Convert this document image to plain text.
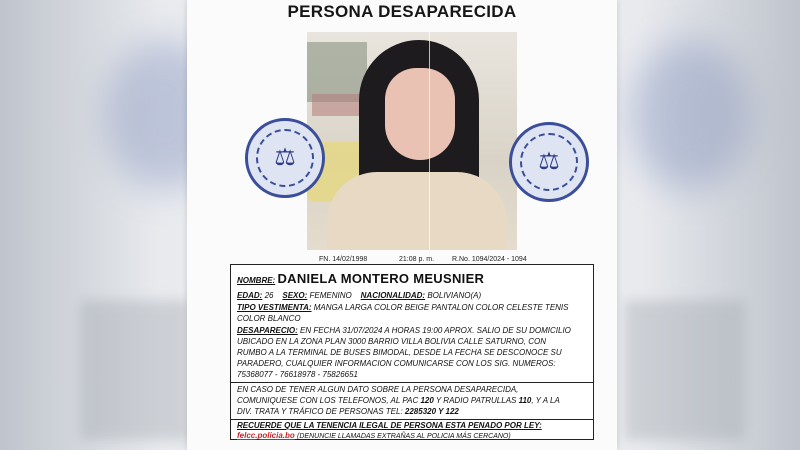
PERSONA DESAPARECIDA
⚖	⚖
FN. 14/02/1998	21:08 p. m.	R.No. 1094/2024 - 1094
NOMBRE: DANIELA MONTERO MEUSNIER
EDAD: 26 SEXO: FEMENINO NACIONALIDAD: BOLIVIANO(A)
TIPO VESTIMENTA: MANGA LARGA COLOR BEIGE PANTALON COLOR CELESTE TENIS
COLOR BLANCO
DESAPARECIO: EN FECHA 31/07/2024 A HORAS 19:00 APROX. SALIO DE SU DOMICILIO
UBICADO EN LA ZONA PLAN 3000 BARRIO VILLA BOLIVIA CALLE SATURNO, CON
RUMBO A LA TERMINAL DE BUSES BIMODAL, DESDE LA FECHA SE DESCONOCE SU
PARADERO, CUALQUIER INFORMACION COMUNICARSE CON LOS SIG. NUMEROS:
75368077 - 76618978 - 75826651
EN CASO DE TENER ALGUN DATO SOBRE LA PERSONA DESAPARECIDA,
COMUNIQUESE CON LOS TELEFONOS, AL PAC 120 Y RADIO PATRULLAS 110, Y A LA
DIV. TRATA Y TRÁFICO DE PERSONAS TEL: 2285320 Y 122
RECUERDE QUE LA TENENCIA ILEGAL DE PERSONA ESTA PENADO POR LEY:
felcc.policia.bo (DENUNCIE LLAMADAS EXTRAÑAS AL POLICIA MÁS CERCANO)
